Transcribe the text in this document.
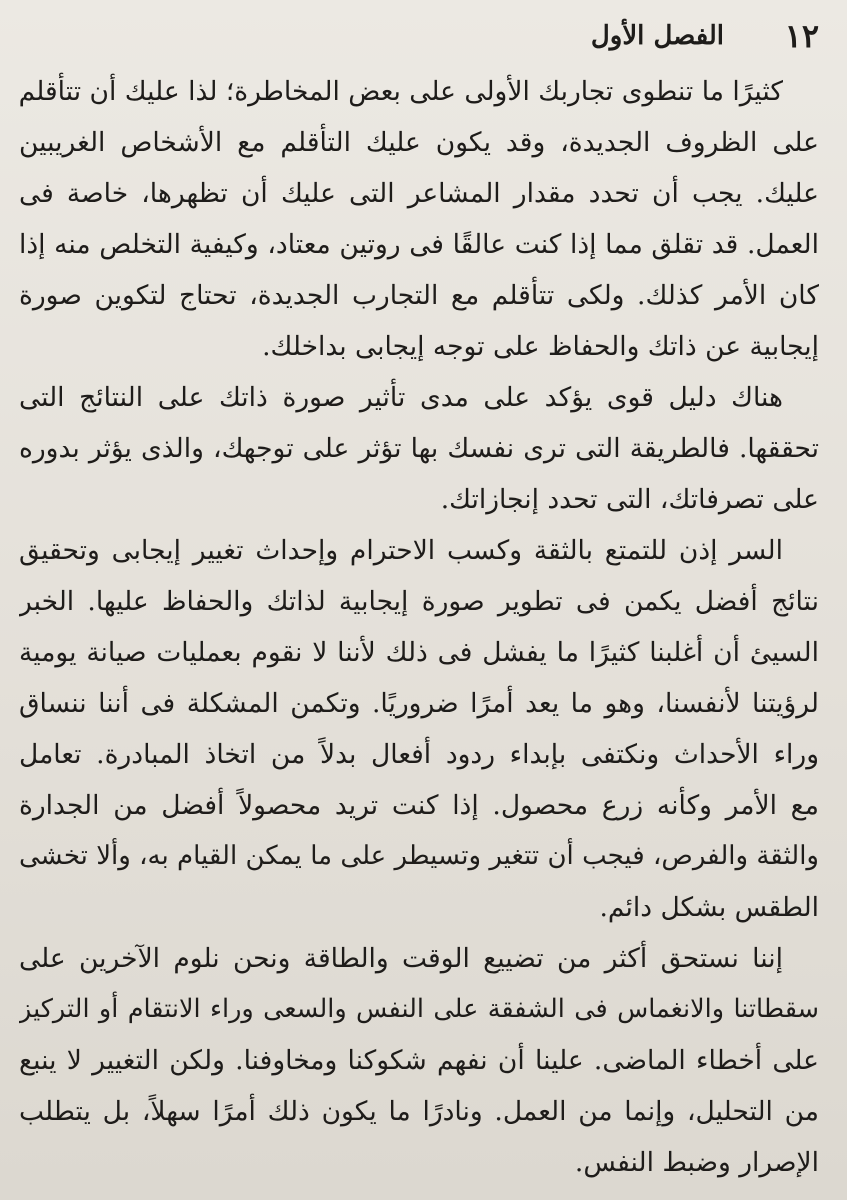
١٢
الفصل الأول

كثيرًا ما تنطوى تجاربك الأولى على بعض المخاطرة؛ لذا عليك أن تتأقلم
على الظروف الجديدة، وقد يكون عليك التأقلم مع الأشخاص الغريبين
عليك. يجب أن تحدد مقدار المشاعر التى عليك أن تظهرها، خاصة فى
العمل. قد تقلق مما إذا كنت عالقًا فى روتين معتاد، وكيفية التخلص منه إذا
كان الأمر كذلك. ولكى تتأقلم مع التجارب الجديدة، تحتاج لتكوين صورة
إيجابية عن ذاتك والحفاظ على توجه إيجابى بداخلك.

هناك دليل قوى يؤكد على مدى تأثير صورة ذاتك على النتائج التى
تحققها. فالطريقة التى ترى نفسك بها تؤثر على توجهك، والذى يؤثر بدوره
على تصرفاتك، التى تحدد إنجازاتك.

السر إذن للتمتع بالثقة وكسب الاحترام وإحداث تغيير إيجابى وتحقيق
نتائج أفضل يكمن فى تطوير صورة إيجابية لذاتك والحفاظ عليها. الخبر
السيئ أن أغلبنا كثيرًا ما يفشل فى ذلك لأننا لا نقوم بعمليات صيانة يومية
لرؤيتنا لأنفسنا، وهو ما يعد أمرًا ضروريًا. وتكمن المشكلة فى أننا ننساق
وراء الأحداث ونكتفى بإبداء ردود أفعال بدلاً من اتخاذ المبادرة. تعامل
مع الأمر وكأنه زرع محصول. إذا كنت تريد محصولاً أفضل من الجدارة
والثقة والفرص، فيجب أن تتغير وتسيطر على ما يمكن القيام به، وألا تخشى
الطقس بشكل دائم.

إننا نستحق أكثر من تضييع الوقت والطاقة ونحن نلوم الآخرين على
سقطاتنا والانغماس فى الشفقة على النفس والسعى وراء الانتقام أو التركيز
على أخطاء الماضى. علينا أن نفهم شكوكنا ومخاوفنا. ولكن التغيير لا ينبع
من التحليل، وإنما من العمل. ونادرًا ما يكون ذلك أمرًا سهلاً، بل يتطلب
الإصرار وضبط النفس.
